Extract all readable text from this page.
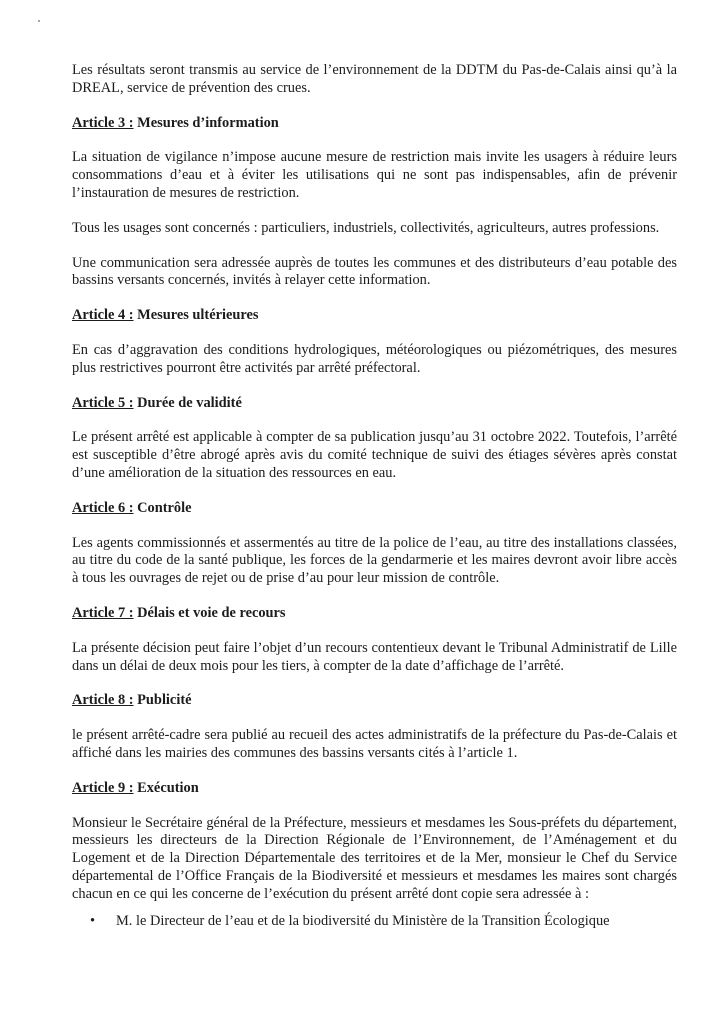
Les résultats seront transmis au service de l’environnement de la DDTM du Pas-de-Calais ainsi qu’à la DREAL, service de prévention des crues.

Article 3 : Mesures d’information

La situation de vigilance n’impose aucune mesure de restriction mais invite les usagers à réduire leurs consommations d’eau et à éviter les utilisations qui ne sont pas indispensables, afin de prévenir l’instauration de mesures de restriction.

Tous les usages sont concernés : particuliers, industriels, collectivités, agriculteurs, autres professions.

Une communication sera adressée auprès de toutes les communes et des distributeurs d’eau potable des bassins versants concernés, invités à relayer cette information.

Article 4 : Mesures ultérieures

En cas d’aggravation des conditions hydrologiques, météorologiques ou piézométriques, des mesures plus restrictives pourront être activités par arrêté préfectoral.

Article 5 : Durée de validité

Le présent arrêté est applicable à compter de sa publication jusqu’au 31 octobre 2022. Toutefois, l’arrêté est susceptible d’être abrogé après avis du comité technique de suivi des étiages sévères après constat d’une amélioration de la situation des ressources en eau.

Article 6 : Contrôle

Les agents commissionnés et assermentés au titre de la police de l’eau, au titre des installations classées, au titre du code de la santé publique, les forces de la gendarmerie et les maires devront avoir libre accès à tous les ouvrages de rejet ou de prise d’au pour leur mission de contrôle.

Article 7 : Délais et voie de recours

La présente décision peut faire l’objet d’un recours contentieux devant le Tribunal Administratif de Lille dans un délai de deux mois pour les tiers, à compter de la date d’affichage de l’arrêté.

Article 8 : Publicité

le présent arrêté-cadre sera publié au recueil des actes administratifs de la préfecture du Pas-de-Calais et affiché dans les mairies des communes des bassins versants cités à l’article 1.

Article 9 : Exécution

Monsieur le Secrétaire général de la Préfecture, messieurs et mesdames les Sous-préfets du département, messieurs les directeurs de la Direction Régionale de l’Environnement, de l’Aménagement et du Logement et de la Direction Départementale des territoires et de la Mer, monsieur le Chef du Service départemental de l’Office Français de la Biodiversité et messieurs et mesdames les maires sont chargés chacun en ce qui les concerne de l’exécution du présent arrêté dont copie sera adressée à :

•	M. le Directeur de l’eau et de la biodiversité du Ministère de la Transition Écologique
